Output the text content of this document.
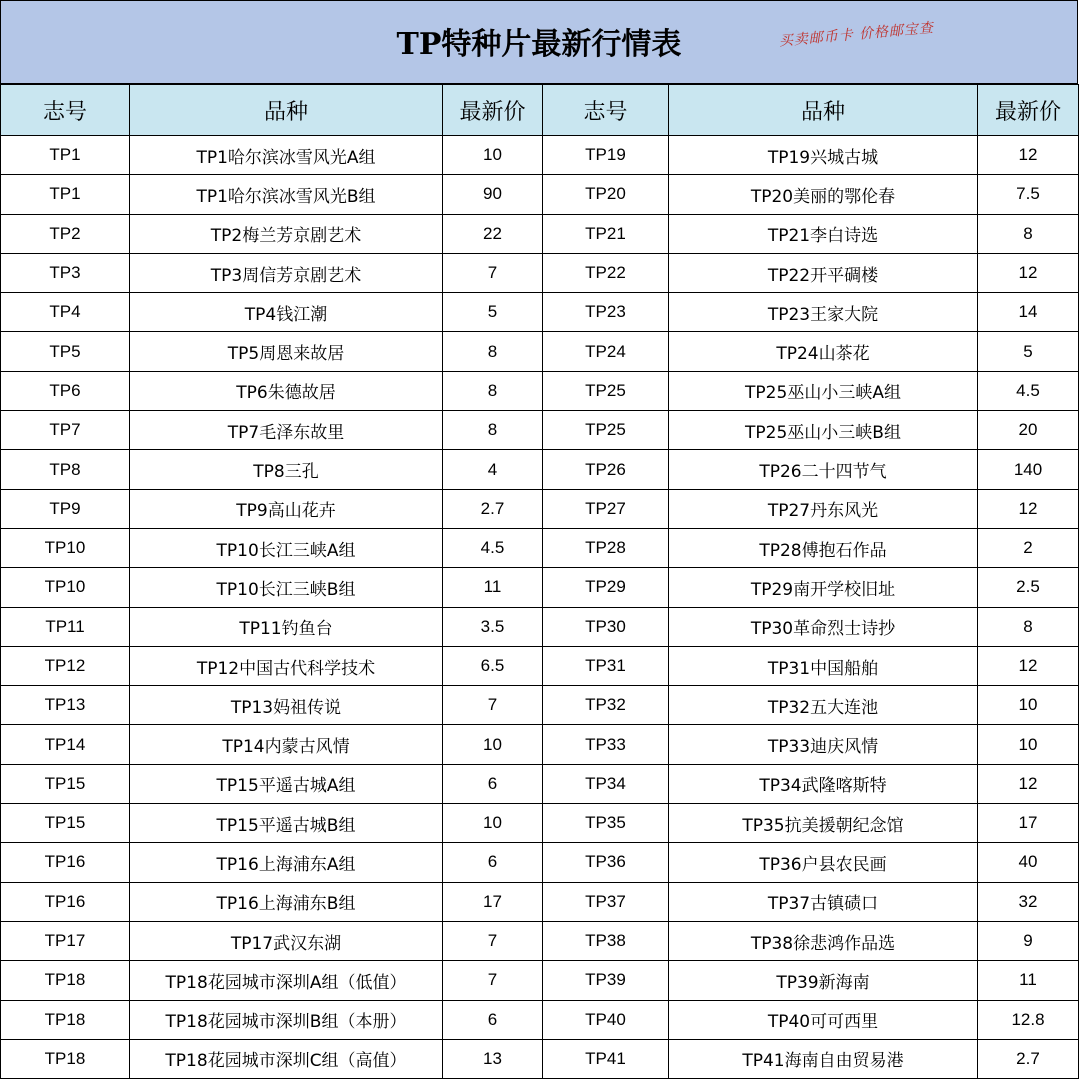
TP特种片最新行情表	买卖邮币卡 价格邮宝查
志号	品种	最新价	志号	品种	最新价
TP1	TP1哈尔滨冰雪风光A组	10	TP19	TP19兴城古城	12
TP1	TP1哈尔滨冰雪风光B组	90	TP20	TP20美丽的鄂伦春	7.5
TP2	TP2梅兰芳京剧艺术	22	TP21	TP21李白诗选	8
TP3	TP3周信芳京剧艺术	7	TP22	TP22开平碉楼	12
TP4	TP4钱江潮	5	TP23	TP23王家大院	14
TP5	TP5周恩来故居	8	TP24	TP24山茶花	5
TP6	TP6朱德故居	8	TP25	TP25巫山小三峡A组	4.5
TP7	TP7毛泽东故里	8	TP25	TP25巫山小三峡B组	20
TP8	TP8三孔	4	TP26	TP26二十四节气	140
TP9	TP9高山花卉	2.7	TP27	TP27丹东风光	12
TP10	TP10长江三峡A组	4.5	TP28	TP28傅抱石作品	2
TP10	TP10长江三峡B组	11	TP29	TP29南开学校旧址	2.5
TP11	TP11钓鱼台	3.5	TP30	TP30革命烈士诗抄	8
TP12	TP12中国古代科学技术	6.5	TP31	TP31中国船舶	12
TP13	TP13妈祖传说	7	TP32	TP32五大连池	10
TP14	TP14内蒙古风情	10	TP33	TP33迪庆风情	10
TP15	TP15平遥古城A组	6	TP34	TP34武隆喀斯特	12
TP15	TP15平遥古城B组	10	TP35	TP35抗美援朝纪念馆	17
TP16	TP16上海浦东A组	6	TP36	TP36户县农民画	40
TP16	TP16上海浦东B组	17	TP37	TP37古镇碛口	32
TP17	TP17武汉东湖	7	TP38	TP38徐悲鸿作品选	9
TP18	TP18花园城市深圳A组（低值）	7	TP39	TP39新海南	11
TP18	TP18花园城市深圳B组（本册）	6	TP40	TP40可可西里	12.8
TP18	TP18花园城市深圳C组（高值）	13	TP41	TP41海南自由贸易港	2.7
